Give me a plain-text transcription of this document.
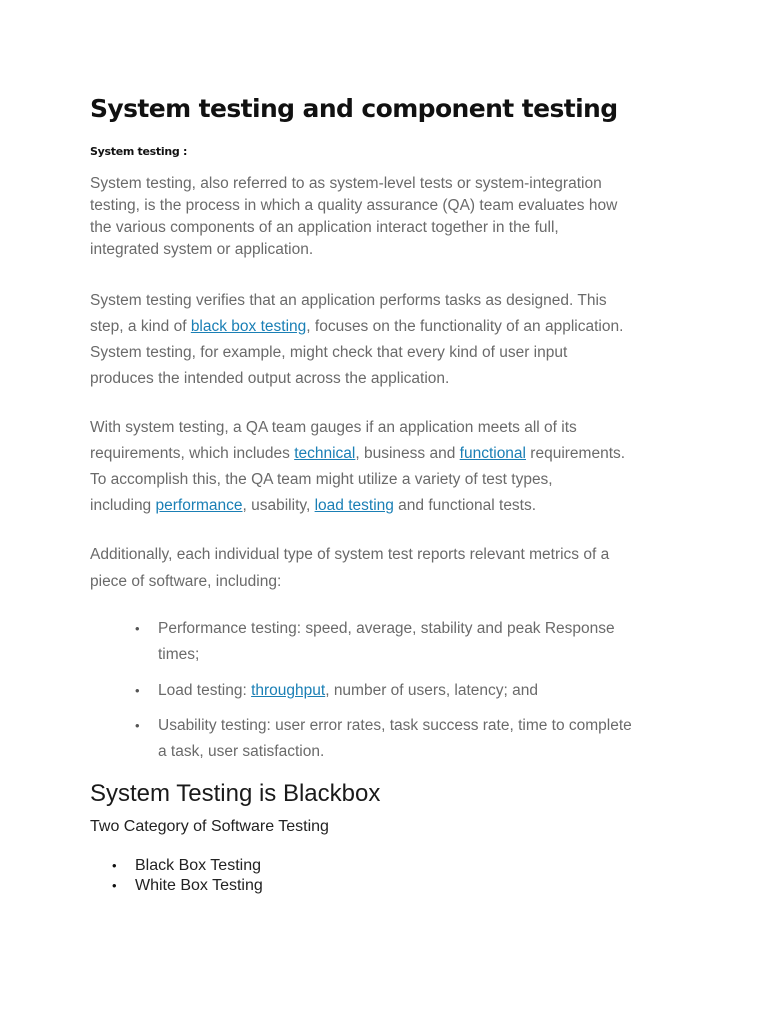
System testing and component testing
System testing :

System testing, also referred to as system-level tests or system-integration
testing, is the process in which a quality assurance (QA) team evaluates how
the various components of an application interact together in the full,
integrated system or application.

System testing verifies that an application performs tasks as designed. This
step, a kind of black box testing, focuses on the functionality of an application.
System testing, for example, might check that every kind of user input
produces the intended output across the application.

With system testing, a QA team gauges if an application meets all of its
requirements, which includes technical, business and functional requirements.
To accomplish this, the QA team might utilize a variety of test types,
including performance, usability, load testing and functional tests.

Additionally, each individual type of system test reports relevant metrics of a
piece of software, including:

• Performance testing: speed, average, stability and peak Response
times;
• Load testing: throughput, number of users, latency; and
• Usability testing: user error rates, task success rate, time to complete
a task, user satisfaction.
System Testing is Blackbox
Two Category of Software Testing
• Black Box Testing
• White Box Testing
